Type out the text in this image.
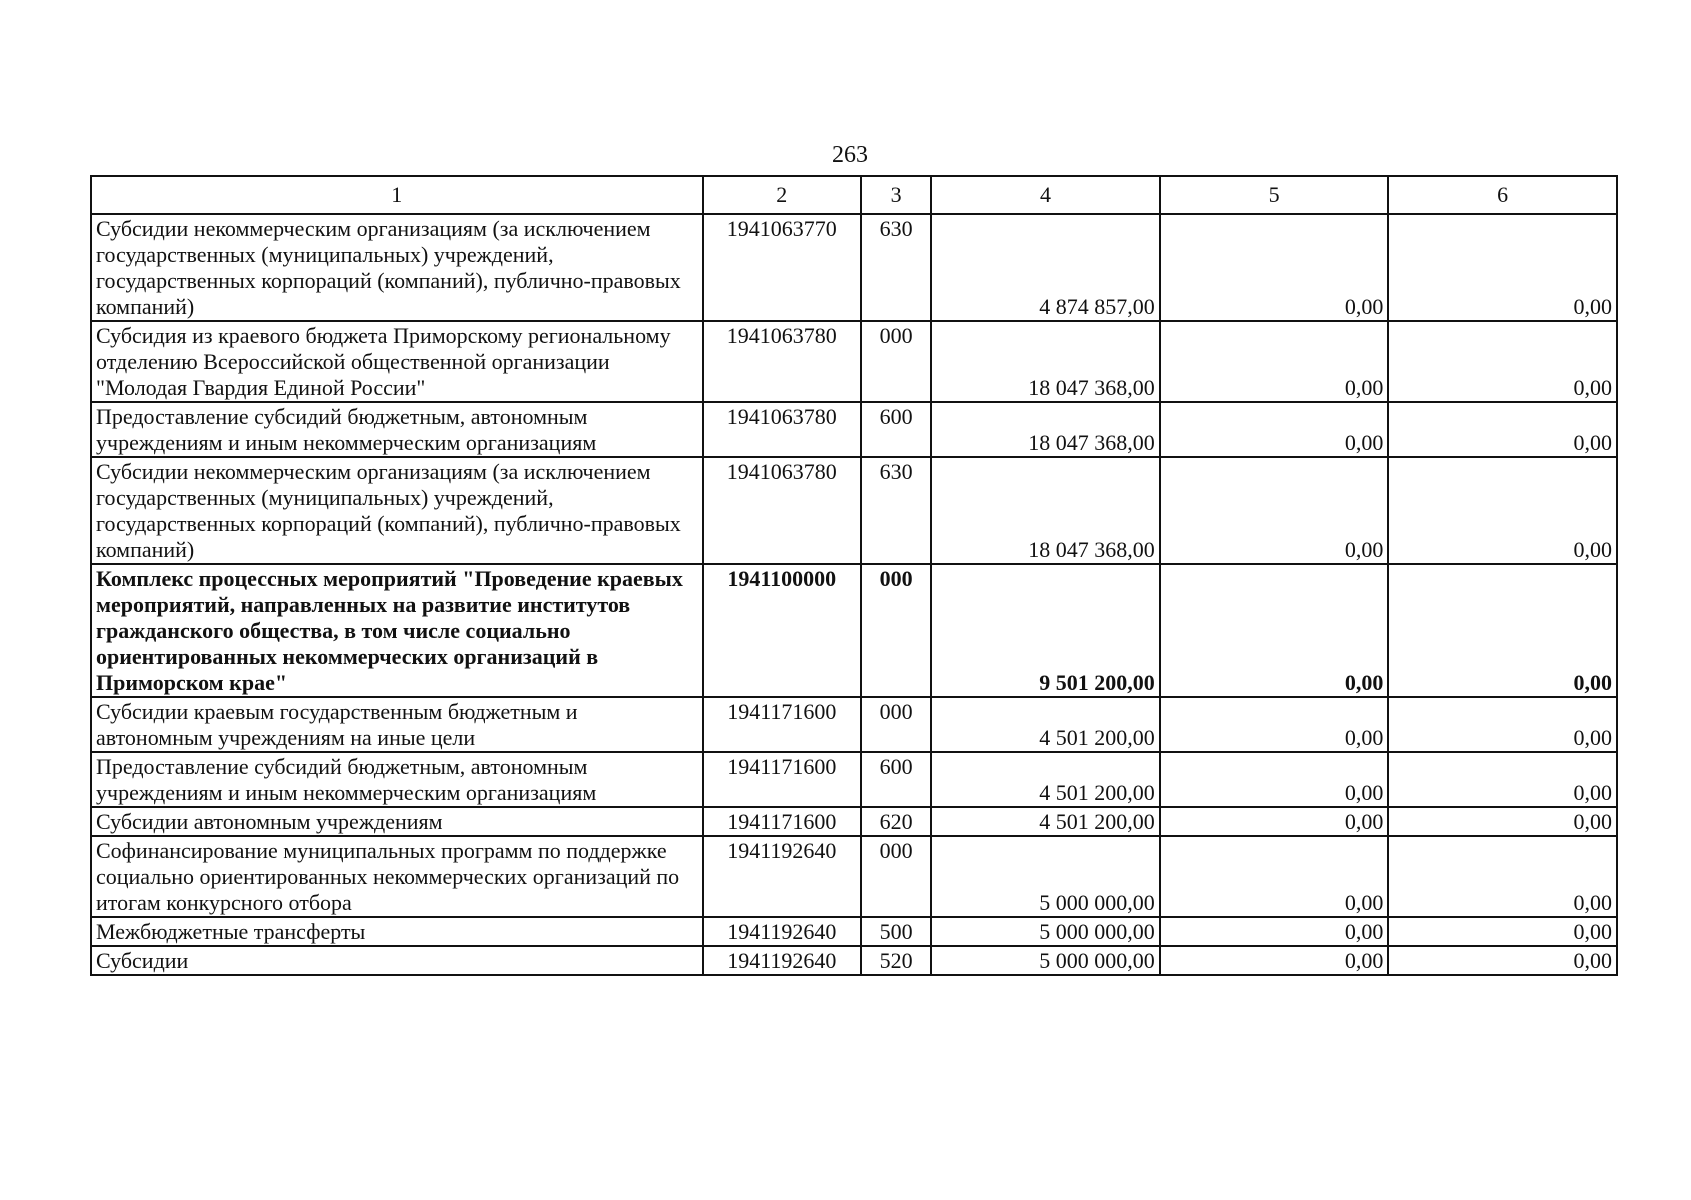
263
1	2	3	4	5	6
Субсидии некоммерческим организациям (за исключением государственных (муниципальных) учреждений, государственных корпораций (компаний), публично-правовых компаний)	1941063770	630	4 874 857,00	0,00	0,00
Субсидия из краевого бюджета Приморскому региональному отделению Всероссийской общественной организации "Молодая Гвардия Единой России"	1941063780	000	18 047 368,00	0,00	0,00
Предоставление субсидий бюджетным, автономным учреждениям и иным некоммерческим организациям	1941063780	600	18 047 368,00	0,00	0,00
Субсидии некоммерческим организациям (за исключением государственных (муниципальных) учреждений, государственных корпораций (компаний), публично-правовых компаний)	1941063780	630	18 047 368,00	0,00	0,00
Комплекс процессных мероприятий "Проведение краевых мероприятий, направленных на развитие институтов гражданского общества, в том числе социально ориентированных некоммерческих организаций в Приморском крае"	1941100000	000	9 501 200,00	0,00	0,00
Субсидии краевым государственным бюджетным и автономным учреждениям на иные цели	1941171600	000	4 501 200,00	0,00	0,00
Предоставление субсидий бюджетным, автономным учреждениям и иным некоммерческим организациям	1941171600	600	4 501 200,00	0,00	0,00
Субсидии автономным учреждениям	1941171600	620	4 501 200,00	0,00	0,00
Софинансирование муниципальных программ по поддержке социально ориентированных некоммерческих организаций по итогам конкурсного отбора	1941192640	000	5 000 000,00	0,00	0,00
Межбюджетные трансферты	1941192640	500	5 000 000,00	0,00	0,00
Субсидии	1941192640	520	5 000 000,00	0,00	0,00
